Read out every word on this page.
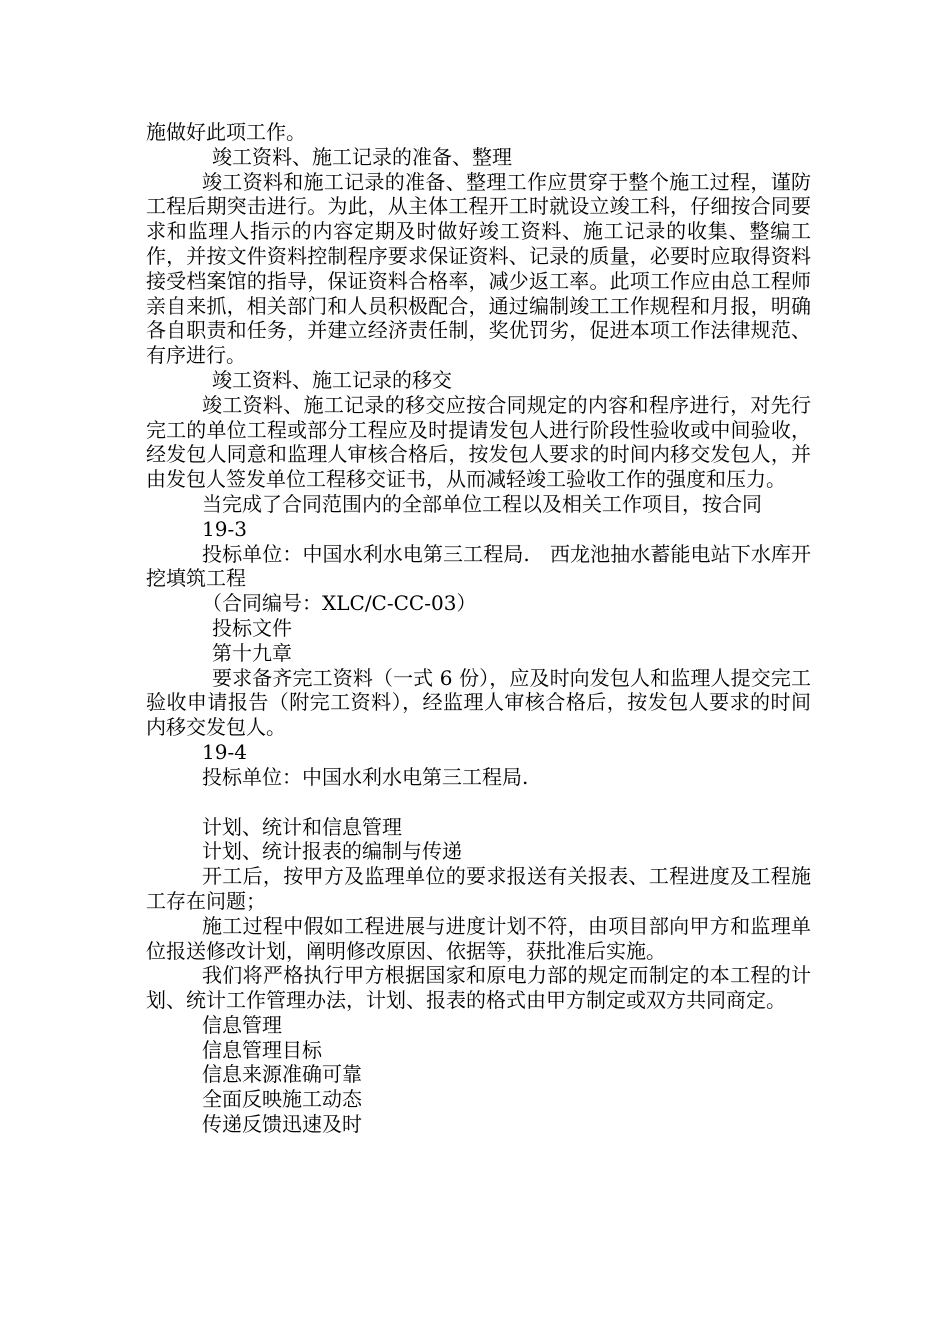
施做好此项工作。

竣工资料、施工记录的准备、整理

竣工资料和施工记录的准备、整理工作应贯穿于整个施工过程，谨防工程后期突击进行。为此，从主体工程开工时就设立竣工科，仔细按合同要求和监理人指示的内容定期及时做好竣工资料、施工记录的收集、整编工作，并按文件资料控制程序要求保证资料、记录的质量，必要时应取得资料接受档案馆的指导，保证资料合格率，减少返工率。此项工作应由总工程师亲自来抓，相关部门和人员积极配合，通过编制竣工工作规程和月报，明确各自职责和任务，并建立经济责任制，奖优罚劣，促进本项工作法律规范、有序进行。

竣工资料、施工记录的移交

竣工资料、施工记录的移交应按合同规定的内容和程序进行，对先行完工的单位工程或部分工程应及时提请发包人进行阶段性验收或中间验收，经发包人同意和监理人审核合格后，按发包人要求的时间内移交发包人，并由发包人签发单位工程移交证书，从而减轻竣工验收工作的强度和压力。

当完成了合同范围内的全部单位工程以及相关工作项目，按合同

19-3

投标单位：中国水利水电第三工程局.　西龙池抽水蓄能电站下水库开挖填筑工程

（合同编号：XLC/C-CC-03）

投标文件

第十九章

要求备齐完工资料（一式 6 份），应及时向发包人和监理人提交完工验收申请报告（附完工资料），经监理人审核合格后，按发包人要求的时间内移交发包人。

19-4

投标单位：中国水利水电第三工程局.

计划、统计和信息管理

计划、统计报表的编制与传递

开工后，按甲方及监理单位的要求报送有关报表、工程进度及工程施工存在问题；

施工过程中假如工程进展与进度计划不符，由项目部向甲方和监理单位报送修改计划，阐明修改原因、依据等，获批准后实施。

我们将严格执行甲方根据国家和原电力部的规定而制定的本工程的计划、统计工作管理办法，计划、报表的格式由甲方制定或双方共同商定。

信息管理

信息管理目标

信息来源准确可靠

全面反映施工动态

传递反馈迅速及时
